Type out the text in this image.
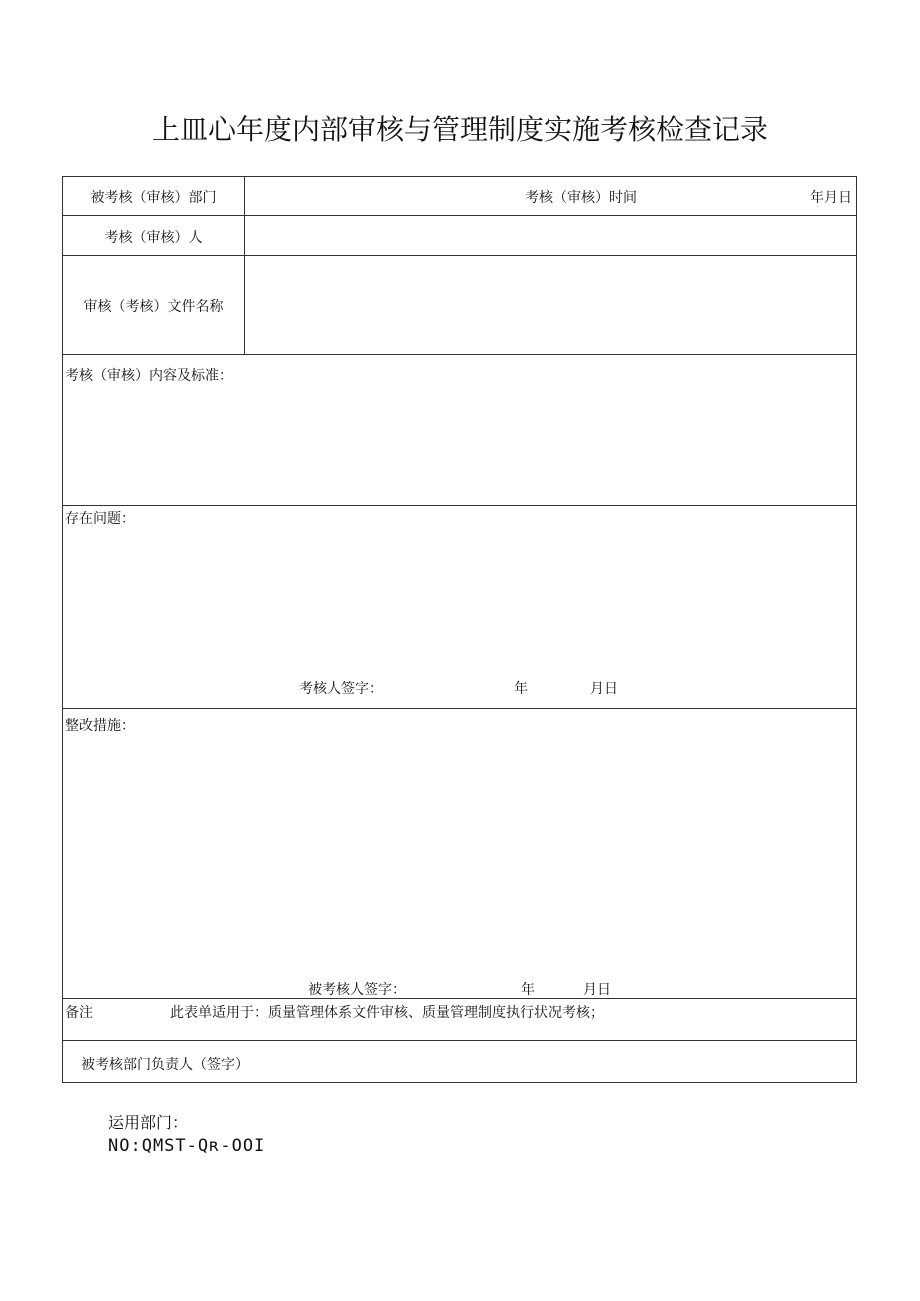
上皿心年度内部审核与管理制度实施考核检查记录
被考核（审核）部门	考核（审核）时间	年月日
考核（审核）人
审核（考核）文件名称
考核（审核）内容及标准：
存在问题：
考核人签字：	年	月日
整改措施：
被考核人签字：	年	月日
备注	此表单适用于：质量管理体系文件审核、质量管理制度执行状况考核；
被考核部门负责人（签字）
运用部门：
NO:QMST-Qʀ-OOI
